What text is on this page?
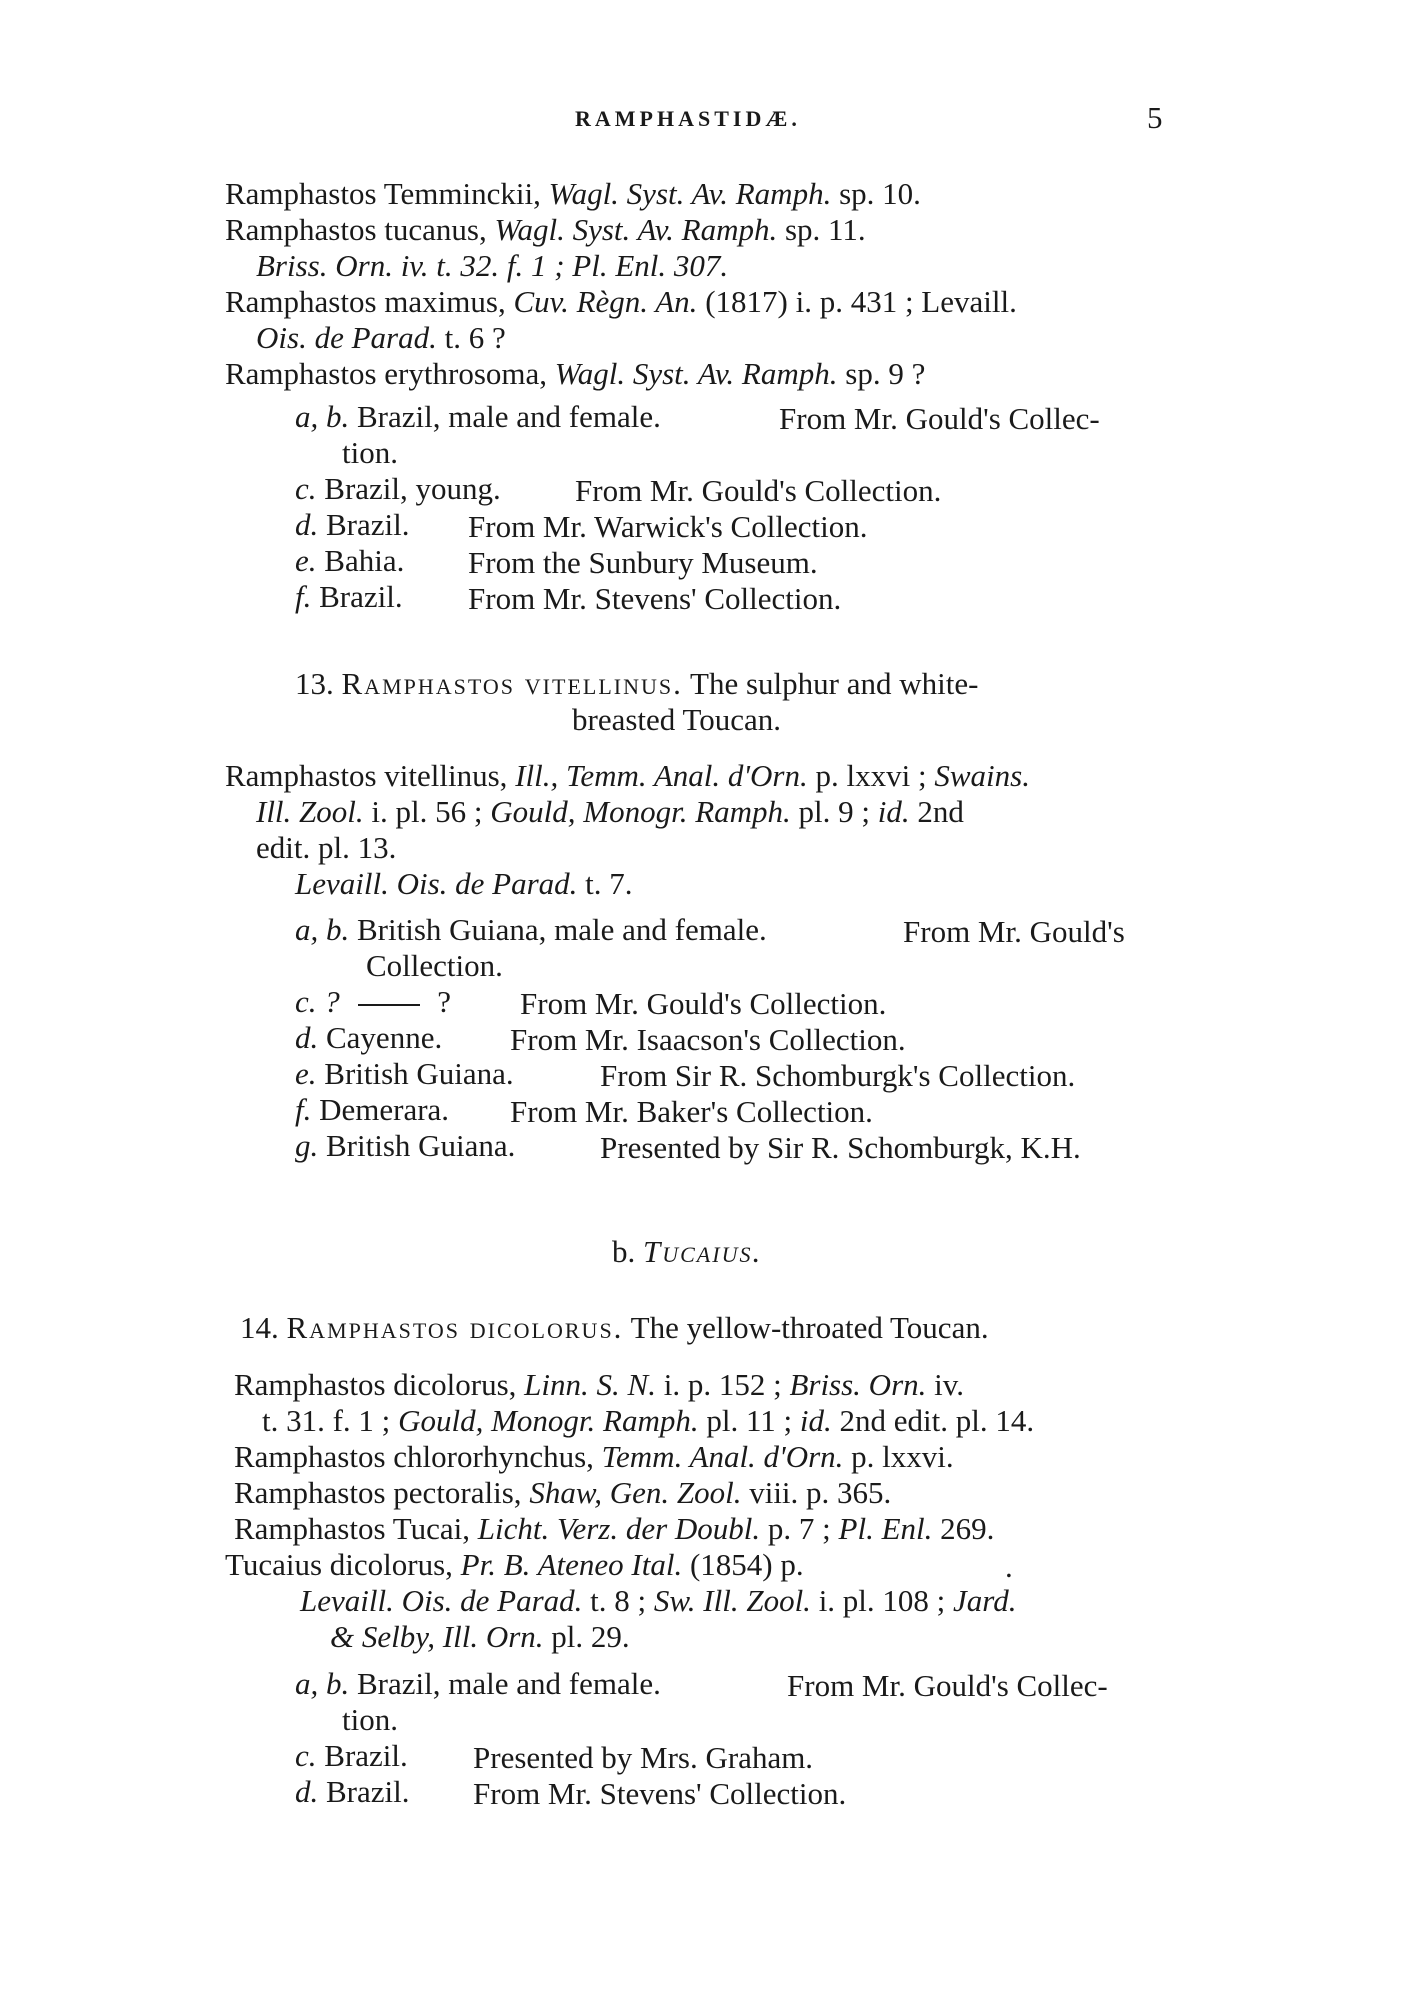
RAMPHASTIDÆ.	5
Ramphastos Temminckii, Wagl. Syst. Av. Ramph. sp. 10.
Ramphastos tucanus, Wagl. Syst. Av. Ramph. sp. 11.
Briss. Orn. iv. t. 32. f. 1 ; Pl. Enl. 307.
Ramphastos maximus, Cuv. Règn. An. (1817) i. p. 431 ; Levaill.
Ois. de Parad. t. 6 ?
Ramphastos erythrosoma, Wagl. Syst. Av. Ramph. sp. 9 ?
a, b. Brazil, male and female.	From Mr. Gould's Collec-
tion.
c. Brazil, young. From Mr. Gould's Collection.
d. Brazil. From Mr. Warwick's Collection.
e. Bahia. From the Sunbury Museum.
f. Brazil. From Mr. Stevens' Collection.
13. Ramphastos vitellinus. The sulphur and white-
breasted Toucan.
Ramphastos vitellinus, Ill., Temm. Anal. d'Orn. p. lxxvi ; Swains.
Ill. Zool. i. pl. 56 ; Gould, Monogr. Ramph. pl. 9 ; id. 2nd
edit. pl. 13.
Levaill. Ois. de Parad. t. 7.
a, b. British Guiana, male and female.	From Mr. Gould's
Collection.
c. ?	? From Mr. Gould's Collection.
d. Cayenne. From Mr. Isaacson's Collection.
e. British Guiana.	From Sir R. Schomburgk's Collection.
f. Demerara. From Mr. Baker's Collection.
g. British Guiana.	Presented by Sir R. Schomburgk, K.H.
b. Tucaius.
14. Ramphastos dicolorus. The yellow-throated Toucan.
Ramphastos dicolorus, Linn. S. N. i. p. 152 ; Briss. Orn. iv.
t. 31. f. 1 ; Gould, Monogr. Ramph. pl. 11 ; id. 2nd edit. pl. 14.
Ramphastos chlororhynchus, Temm. Anal. d'Orn. p. lxxvi.
Ramphastos pectoralis, Shaw, Gen. Zool. viii. p. 365.
Ramphastos Tucai, Licht. Verz. der Doubl. p. 7 ; Pl. Enl. 269.
Tucaius dicolorus, Pr. B. Ateneo Ital. (1854) p.	.
Levaill. Ois. de Parad. t. 8 ; Sw. Ill. Zool. i. pl. 108 ; Jard.
& Selby, Ill. Orn. pl. 29.
a, b. Brazil, male and female.	From Mr. Gould's Collec-
tion.
c. Brazil. Presented by Mrs. Graham.
d. Brazil. From Mr. Stevens' Collection.
